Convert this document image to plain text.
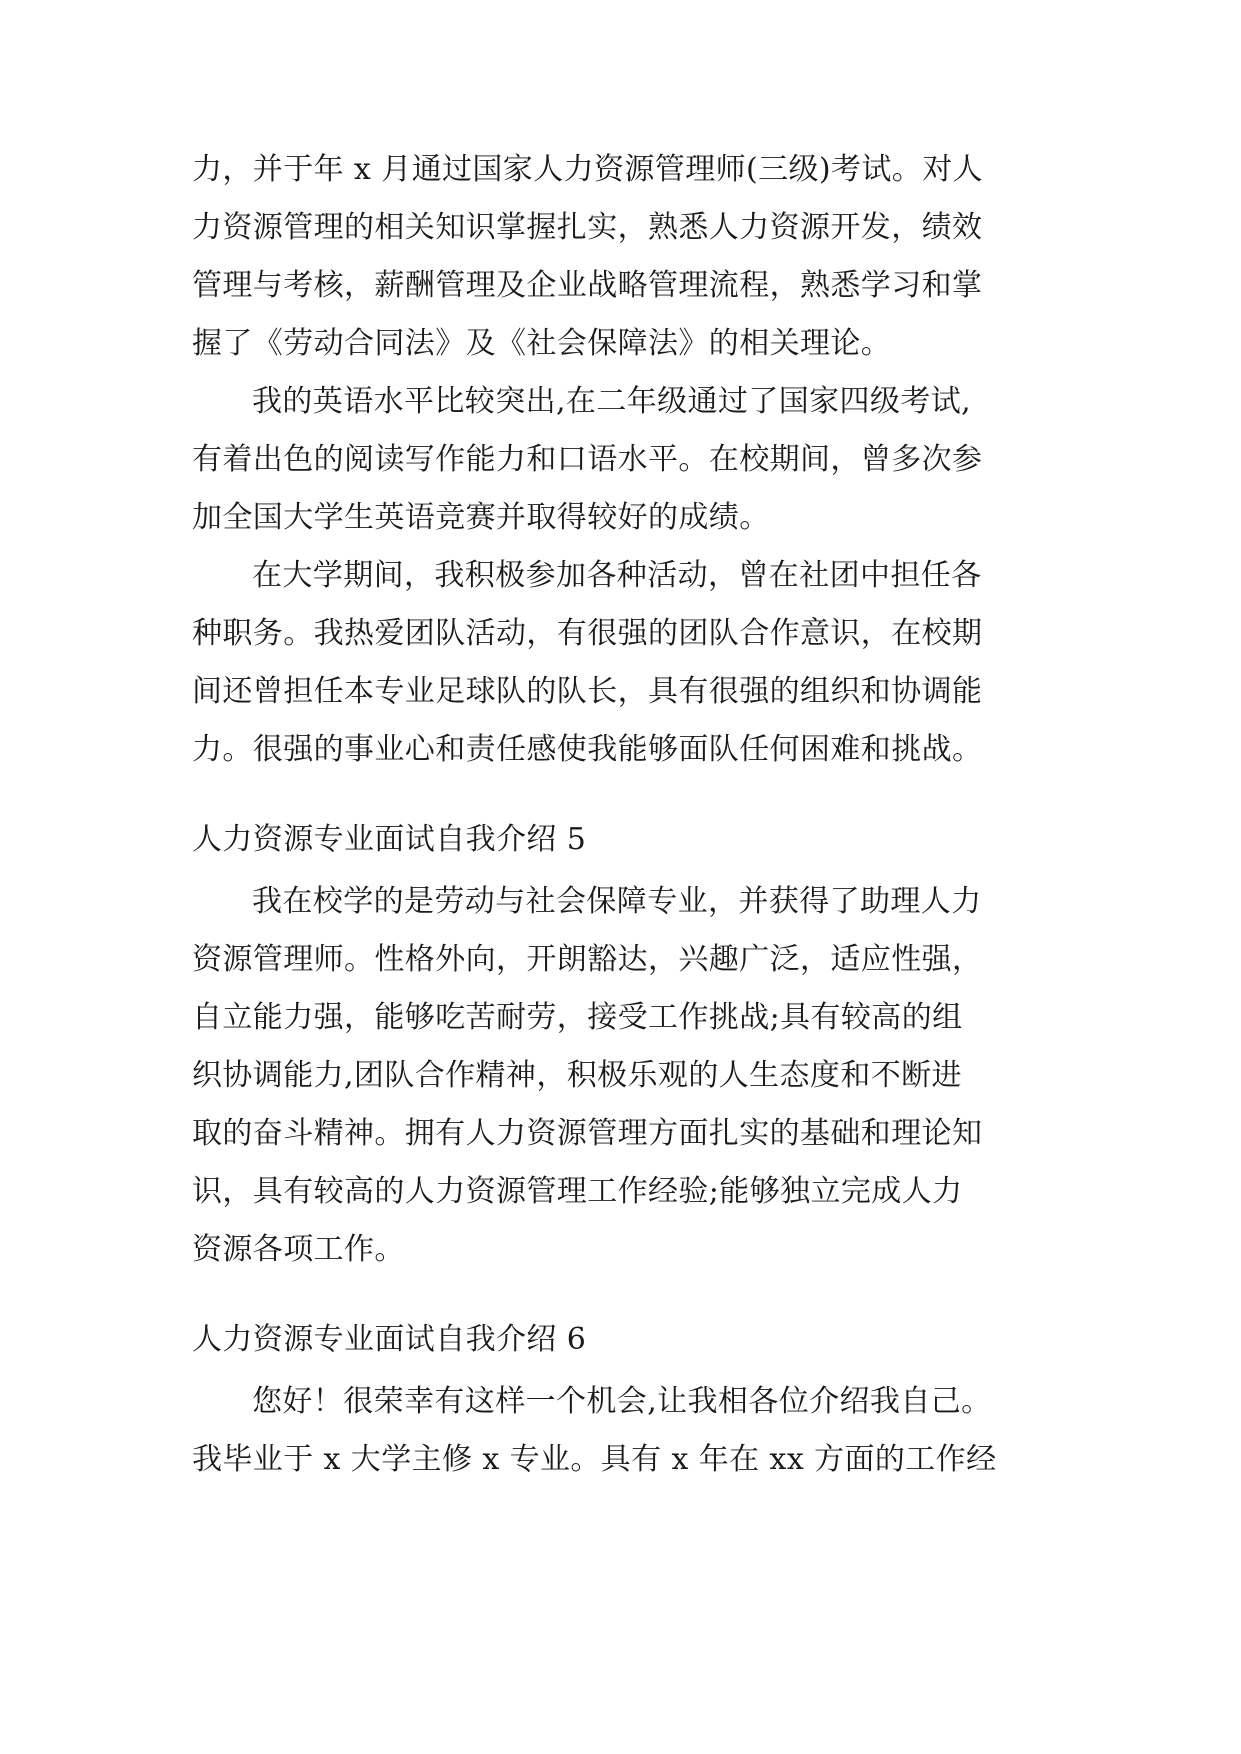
力，并于年 x 月通过国家人力资源管理师(三级)考试。对人
力资源管理的相关知识掌握扎实，熟悉人力资源开发，绩效
管理与考核，薪酬管理及企业战略管理流程，熟悉学习和掌
握了《劳动合同法》及《社会保障法》的相关理论。
我的英语水平比较突出,在二年级通过了国家四级考试,
有着出色的阅读写作能力和口语水平。在校期间，曾多次参
加全国大学生英语竞赛并取得较好的成绩。
在大学期间，我积极参加各种活动，曾在社团中担任各
种职务。我热爱团队活动，有很强的团队合作意识，在校期
间还曾担任本专业足球队的队长，具有很强的组织和协调能
力。很强的事业心和责任感使我能够面队任何困难和挑战。
人力资源专业面试自我介绍 5
我在校学的是劳动与社会保障专业，并获得了助理人力
资源管理师。性格外向，开朗豁达，兴趣广泛，适应性强，
自立能力强，能够吃苦耐劳，接受工作挑战;具有较高的组
织协调能力,团队合作精神，积极乐观的人生态度和不断进
取的奋斗精神。拥有人力资源管理方面扎实的基础和理论知
识，具有较高的人力资源管理工作经验;能够独立完成人力
资源各项工作。
人力资源专业面试自我介绍 6
您好！很荣幸有这样一个机会,让我相各位介绍我自己。
我毕业于 x 大学主修 x 专业。具有 x 年在 xx 方面的工作经
